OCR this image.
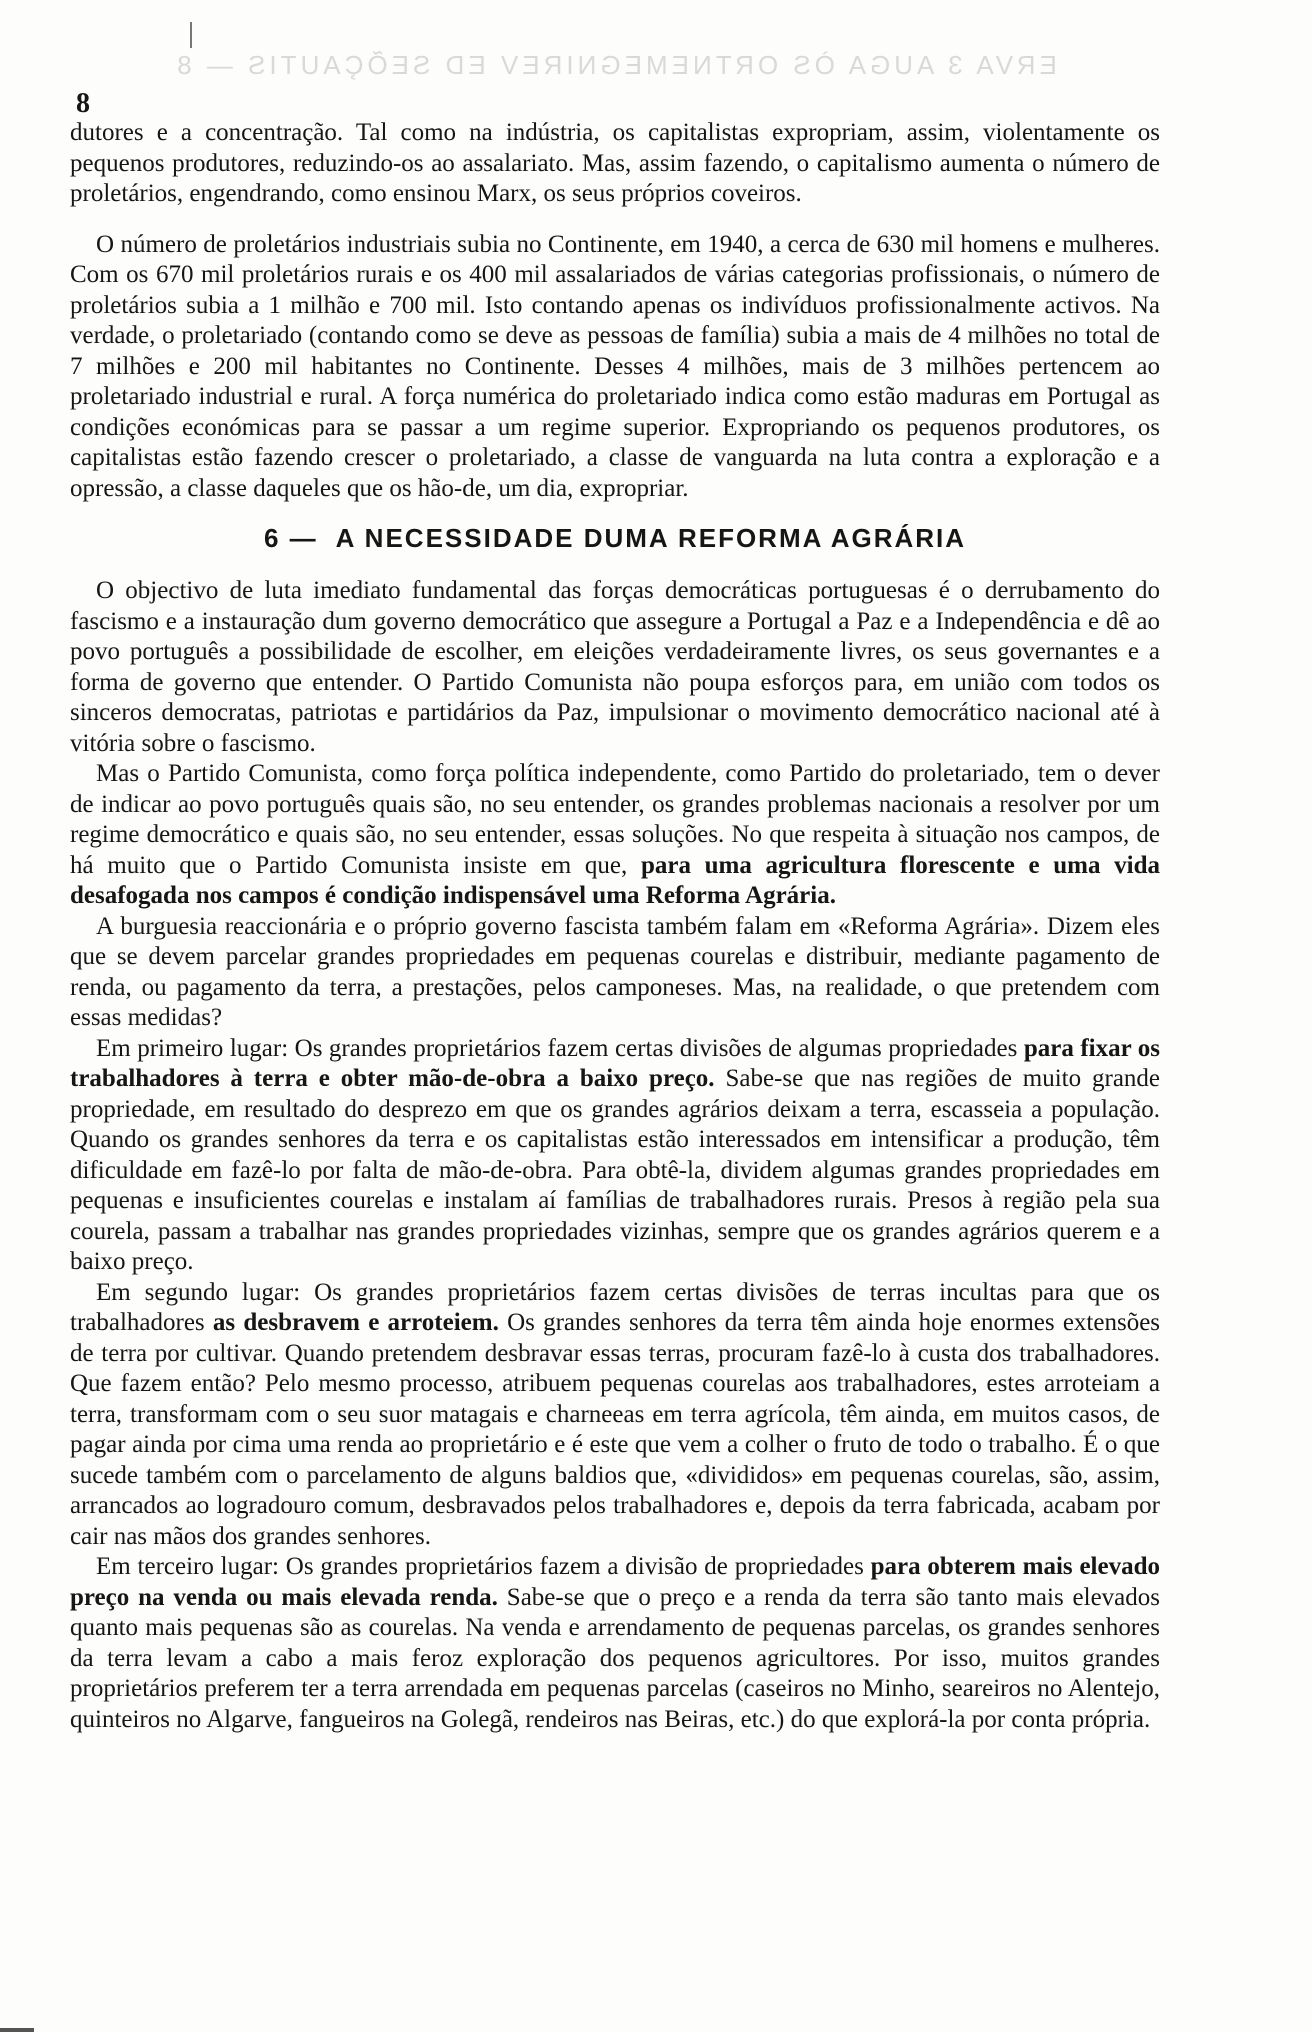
ERVA 3 AUGA ÒS ORTNEMEGNIREV ED SEÕÇAUTIS — 8
8

dutores e a concentração. Tal como na indústria, os capitalistas expropriam, assim, violentamente os pequenos produtores, reduzindo-os ao assalariato. Mas, assim fazendo, o capitalismo aumenta o número de proletários, engendrando, como ensinou Marx, os seus próprios coveiros.

O número de proletários industriais subia no Continente, em 1940, a cerca de 630 mil homens e mulheres. Com os 670 mil proletários rurais e os 400 mil assalariados de várias categorias profissionais, o número de proletários subia a 1 milhão e 700 mil. Isto contando apenas os indivíduos profissionalmente activos. Na verdade, o proletariado (contando como se deve as pessoas de família) subia a mais de 4 milhões no total de 7 milhões e 200 mil habitantes no Continente. Desses 4 milhões, mais de 3 milhões pertencem ao proletariado industrial e rural. A força numérica do proletariado indica como estão maduras em Portugal as condições económicas para se passar a um regime superior. Expropriando os pequenos produtores, os capitalistas estão fazendo crescer o proletariado, a classe de vanguarda na luta contra a exploração e a opressão, a classe daqueles que os hão-de, um dia, expropriar.

6 — A NECESSIDADE DUMA REFORMA AGRÁRIA

O objectivo de luta imediato fundamental das forças democráticas portuguesas é o derrubamento do fascismo e a instauração dum governo democrático que assegure a Portugal a Paz e a Independência e dê ao povo português a possibilidade de escolher, em eleições verdadeiramente livres, os seus governantes e a forma de governo que entender. O Partido Comunista não poupa esforços para, em união com todos os sinceros democratas, patriotas e partidários da Paz, impulsionar o movimento democrático nacional até à vitória sobre o fascismo.

Mas o Partido Comunista, como força política independente, como Partido do proletariado, tem o dever de indicar ao povo português quais são, no seu entender, os grandes problemas nacionais a resolver por um regime democrático e quais são, no seu entender, essas soluções. No que respeita à situação nos campos, de há muito que o Partido Comunista insiste em que, para uma agricultura florescente e uma vida desafogada nos campos é condição indispensável uma Reforma Agrária.

A burguesia reaccionária e o próprio governo fascista também falam em «Reforma Agrária». Dizem eles que se devem parcelar grandes propriedades em pequenas courelas e distribuir, mediante pagamento de renda, ou pagamento da terra, a prestações, pelos camponeses. Mas, na realidade, o que pretendem com essas medidas?

Em primeiro lugar: Os grandes proprietários fazem certas divisões de algumas propriedades para fixar os trabalhadores à terra e obter mão-de-obra a baixo preço. Sabe-se que nas regiões de muito grande propriedade, em resultado do desprezo em que os grandes agrários deixam a terra, escasseia a população. Quando os grandes senhores da terra e os capitalistas estão interessados em intensificar a produção, têm dificuldade em fazê-lo por falta de mão-de-obra. Para obtê-la, dividem algumas grandes propriedades em pequenas e insuficientes courelas e instalam aí famílias de trabalhadores rurais. Presos à região pela sua courela, passam a trabalhar nas grandes propriedades vizinhas, sempre que os grandes agrários querem e a baixo preço.

Em segundo lugar: Os grandes proprietários fazem certas divisões de terras incultas para que os trabalhadores as desbravem e arroteiem. Os grandes senhores da terra têm ainda hoje enormes extensões de terra por cultivar. Quando pretendem desbravar essas terras, procuram fazê-lo à custa dos trabalhadores. Que fazem então? Pelo mesmo processo, atribuem pequenas courelas aos trabalhadores, estes arroteiam a terra, transformam com o seu suor matagais e charneeas em terra agrícola, têm ainda, em muitos casos, de pagar ainda por cima uma renda ao proprietário e é este que vem a colher o fruto de todo o trabalho. É o que sucede também com o parcelamento de alguns baldios que, «divididos» em pequenas courelas, são, assim, arrancados ao logradouro comum, desbravados pelos trabalhadores e, depois da terra fabricada, acabam por cair nas mãos dos grandes senhores.

Em terceiro lugar: Os grandes proprietários fazem a divisão de propriedades para obterem mais elevado preço na venda ou mais elevada renda. Sabe-se que o preço e a renda da terra são tanto mais elevados quanto mais pequenas são as courelas. Na venda e arrendamento de pequenas parcelas, os grandes senhores da terra levam a cabo a mais feroz exploração dos pequenos agricultores. Por isso, muitos grandes proprietários preferem ter a terra arrendada em pequenas parcelas (caseiros no Minho, seareiros no Alentejo, quinteiros no Algarve, fangueiros na Golegã, rendeiros nas Beiras, etc.) do que explorá-la por conta própria.
